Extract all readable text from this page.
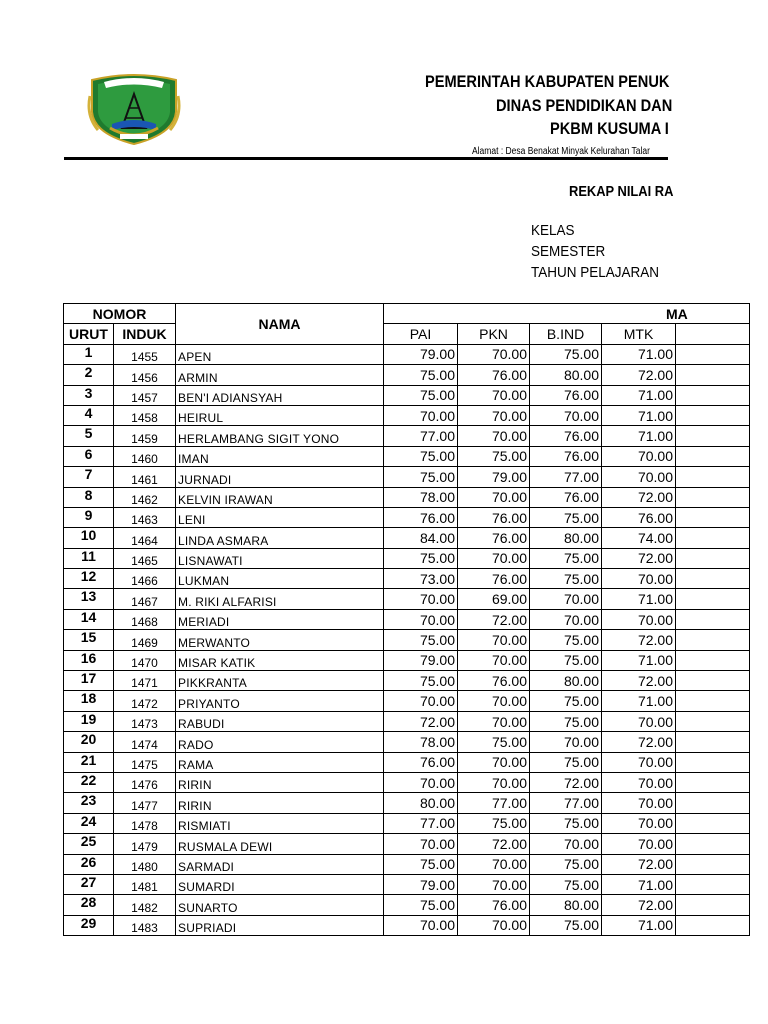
PEMERINTAH KABUPATEN PENUK
DINAS PENDIDIKAN DAN
PKBM KUSUMA I
Alamat : Desa Benakat Minyak Kelurahan Talar
REKAP NILAI RA
KELAS
SEMESTER
TAHUN PELAJARAN
NOMOR		NAMA	MA				
URUT	INDUK		PAI	PKN	B.IND	MTK	
1	1455	APEN	79.00	70.00	75.00	71.00	
2	1456	ARMIN	75.00	76.00	80.00	72.00	
3	1457	BEN'I ADIANSYAH	75.00	70.00	76.00	71.00	
4	1458	HEIRUL	70.00	70.00	70.00	71.00	
5	1459	HERLAMBANG SIGIT YONO	77.00	70.00	76.00	71.00	
6	1460	IMAN	75.00	75.00	76.00	70.00	
7	1461	JURNADI	75.00	79.00	77.00	70.00	
8	1462	KELVIN IRAWAN	78.00	70.00	76.00	72.00	
9	1463	LENI	76.00	76.00	75.00	76.00	
10	1464	LINDA ASMARA	84.00	76.00	80.00	74.00	
11	1465	LISNAWATI	75.00	70.00	75.00	72.00	
12	1466	LUKMAN	73.00	76.00	75.00	70.00	
13	1467	M. RIKI ALFARISI	70.00	69.00	70.00	71.00	
14	1468	MERIADI	70.00	72.00	70.00	70.00	
15	1469	MERWANTO	75.00	70.00	75.00	72.00	
16	1470	MISAR KATIK	79.00	70.00	75.00	71.00	
17	1471	PIKKRANTA	75.00	76.00	80.00	72.00	
18	1472	PRIYANTO	70.00	70.00	75.00	71.00	
19	1473	RABUDI	72.00	70.00	75.00	70.00	
20	1474	RADO	78.00	75.00	70.00	72.00	
21	1475	RAMA	76.00	70.00	75.00	70.00	
22	1476	RIRIN	70.00	70.00	72.00	70.00	
23	1477	RIRIN	80.00	77.00	77.00	70.00	
24	1478	RISMIATI	77.00	75.00	75.00	70.00	
25	1479	RUSMALA DEWI	70.00	72.00	70.00	70.00	
26	1480	SARMADI	75.00	70.00	75.00	72.00	
27	1481	SUMARDI	79.00	70.00	75.00	71.00	
28	1482	SUNARTO	75.00	76.00	80.00	72.00	
29	1483	SUPRIADI	70.00	70.00	75.00	71.00	
